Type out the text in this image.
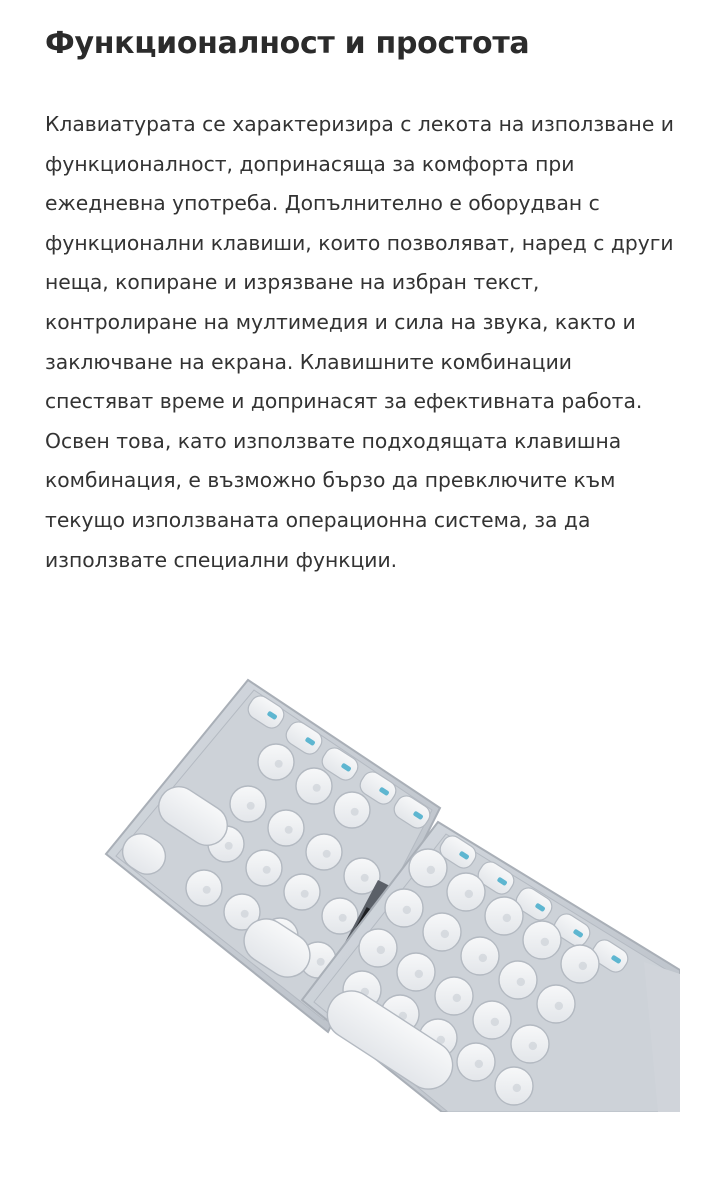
Функционалност и простота
Клавиатурата се характеризира с лекота на използване и
функционалност, допринасяща за комфорта при
ежедневна употреба. Допълнително е оборудван с
функционални клавиши, които позволяват, наред с други
неща, копиране и изрязване на избран текст,
контролиране на мултимедия и сила на звука, както и
заключване на екрана. Клавишните комбинации
спестяват време и допринасят за ефективната работа.
Освен това, като използвате подходящата клавишна
комбинация, е възможно бързо да превключите към
текущо използваната операционна система, за да
използвате специални функции.
